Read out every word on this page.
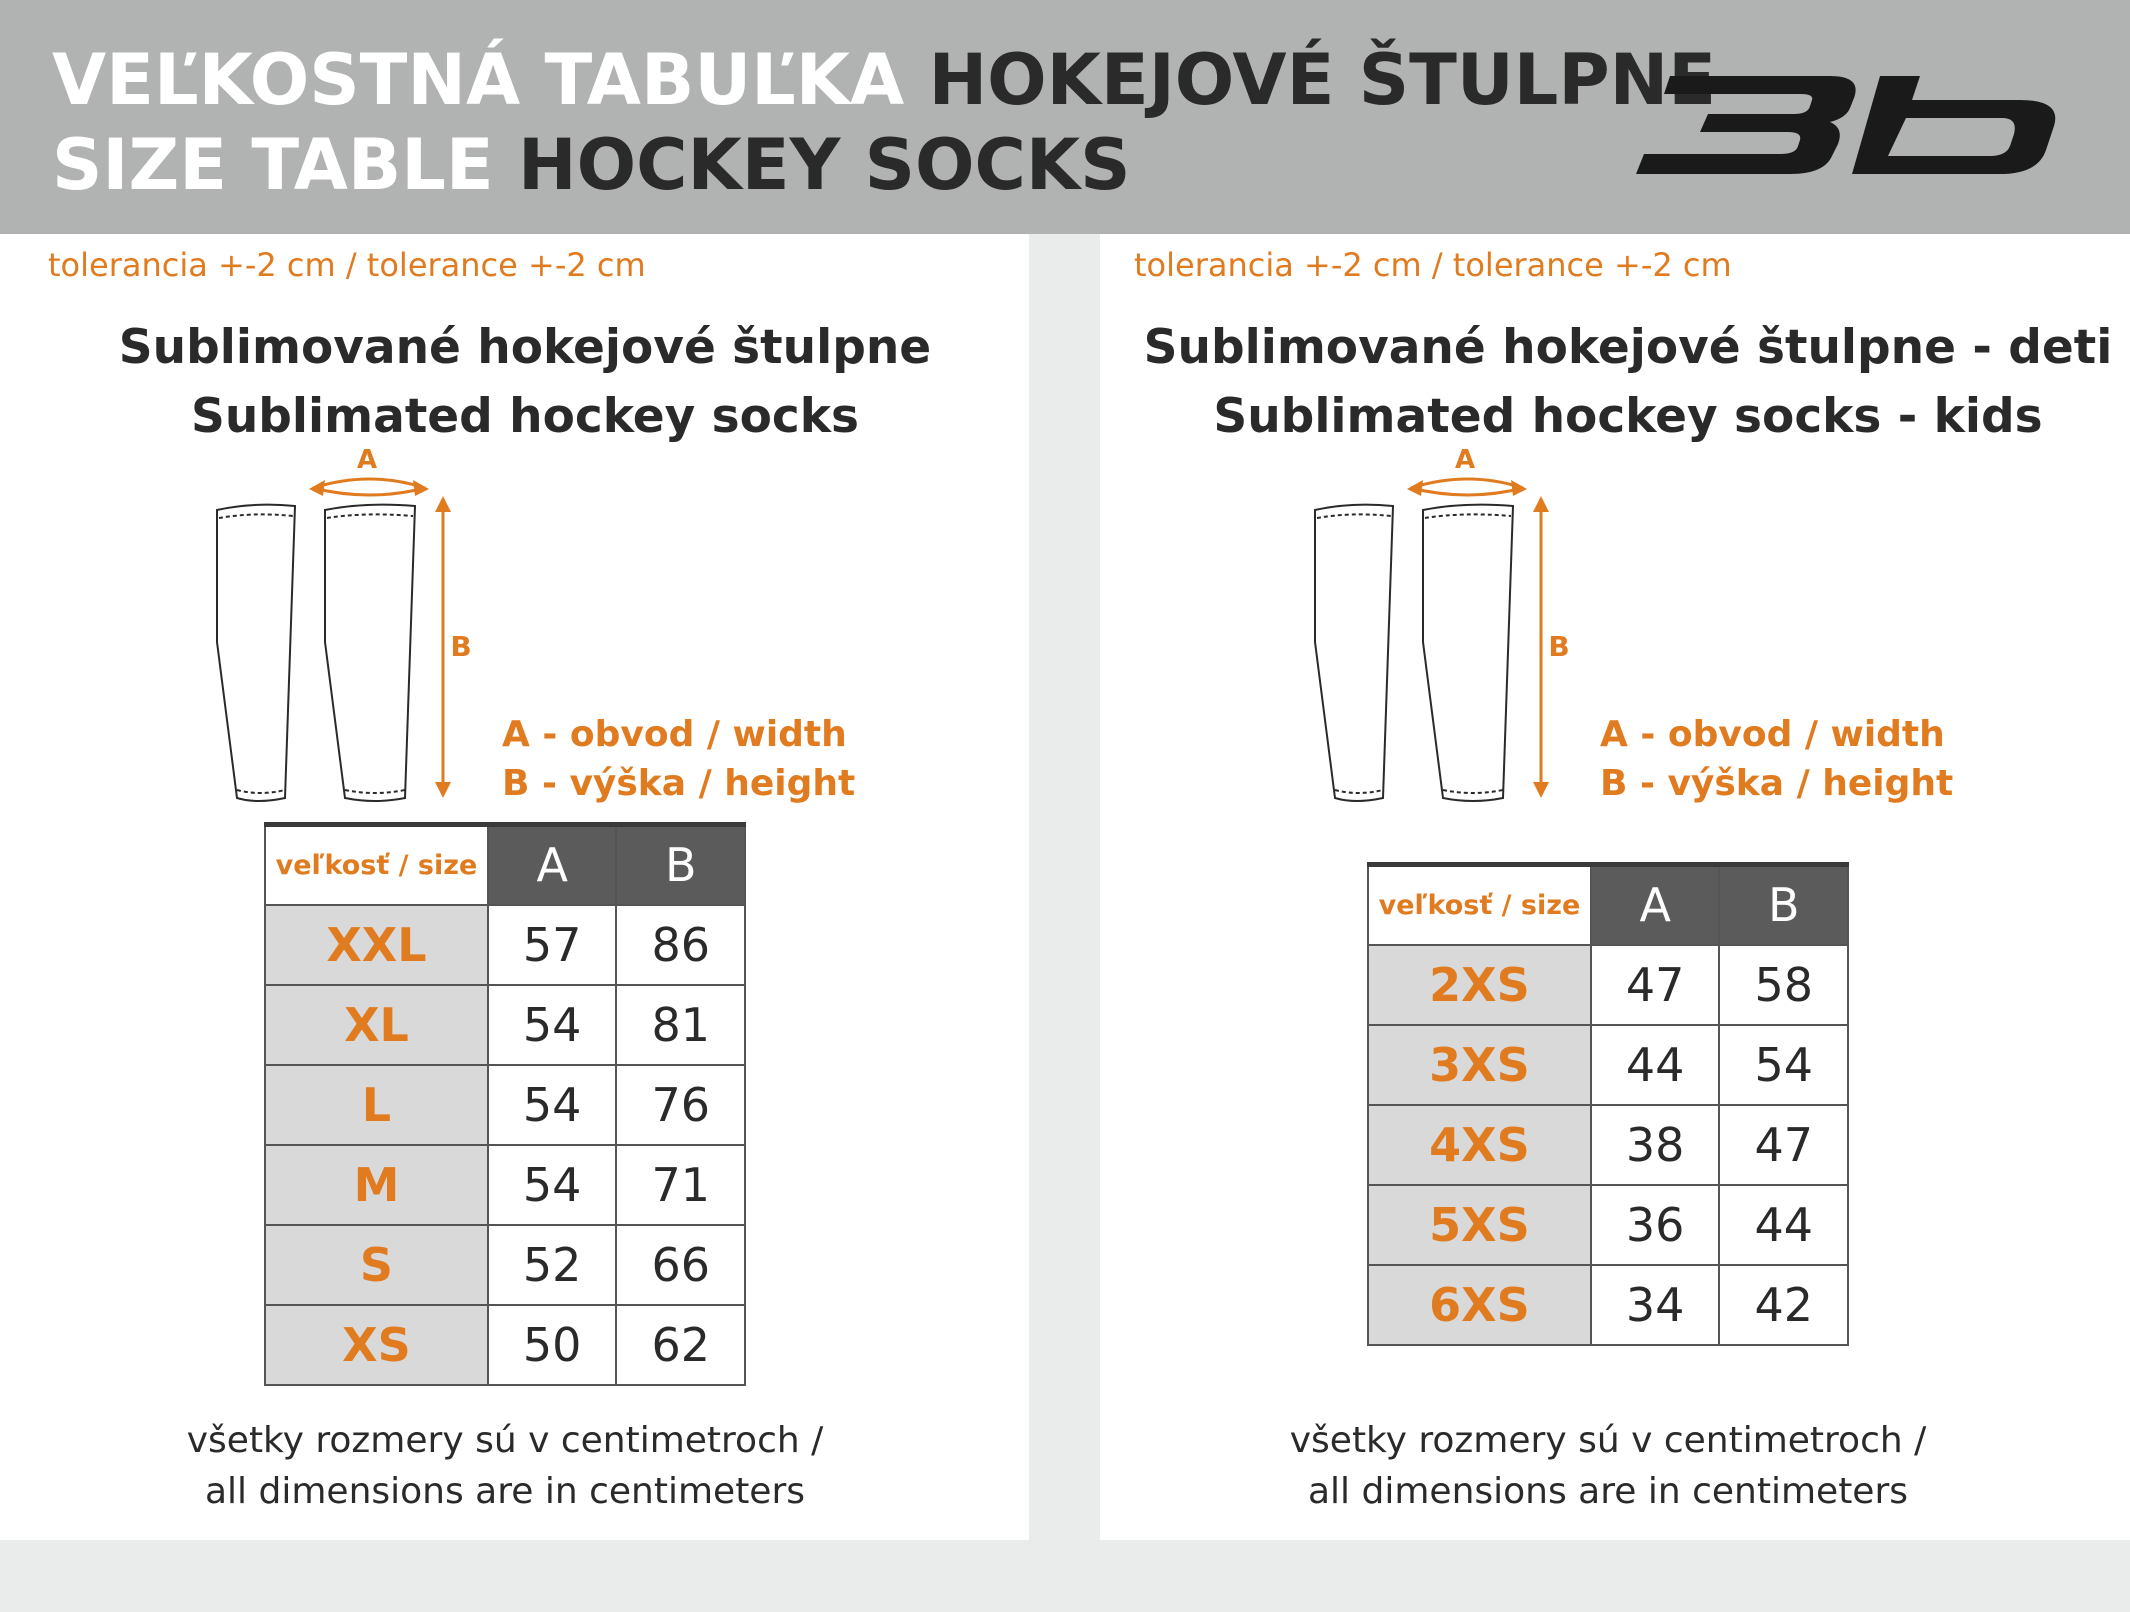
VEĽKOSTNÁ TABUĽKA HOKEJOVÉ ŠTULPNE

SIZE TABLE HOCKEY SOCKS

tolerancia +-2 cm / tolerance +-2 cm
Sublimované hokejové štulpne
Sublimated hockey socks
A
B
A - obvod / width
B - výška / height
veľkosť / size	A	B
XXL	57	86
XL	54	81
L	54	76
M	54	71
S	52	66
XS	50	62
všetky rozmery sú v centimetroch /
all dimensions are in centimeters
tolerancia +-2 cm / tolerance +-2 cm
Sublimované hokejové štulpne - deti
Sublimated hockey socks - kids
A
B
A - obvod / width
B - výška / height
veľkosť / size	A	B
2XS	47	58
3XS	44	54
4XS	38	47
5XS	36	44
6XS	34	42
všetky rozmery sú v centimetroch /
all dimensions are in centimeters
